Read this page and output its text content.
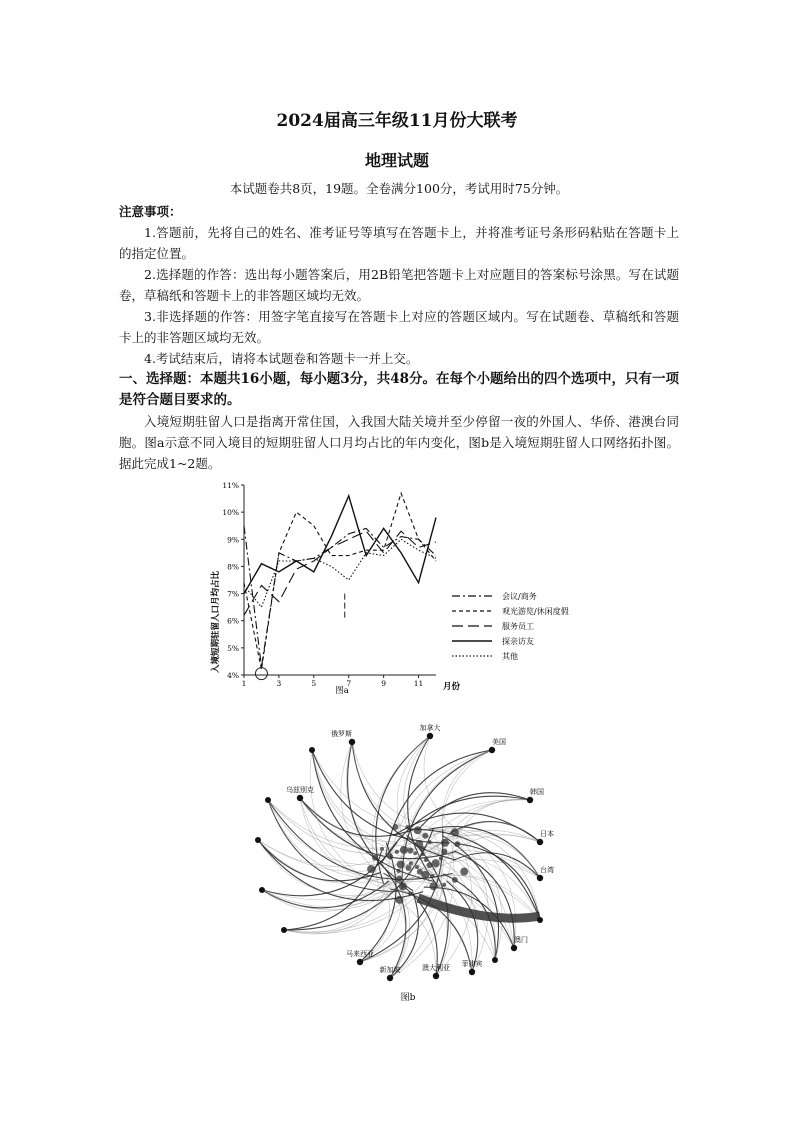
2024届高三年级11月份大联考
地理试题
本试题卷共8页，19题。全卷满分100分，考试用时75分钟。
注意事项：
1.答题前，先将自己的姓名、准考证号等填写在答题卡上，并将准考证号条形码粘贴在答题卡上的指定位置。
2.选择题的作答：选出每小题答案后，用2B铅笔把答题卡上对应题目的答案标号涂黑。写在试题卷，草稿纸和答题卡上的非答题区域均无效。
3.非选择题的作答：用签字笔直接写在答题卡上对应的答题区域内。写在试题卷、草稿纸和答题卡上的非答题区域均无效。
4.考试结束后，请将本试题卷和答题卡一并上交。
一、选择题：本题共16小题，每小题3分，共48分。在每个小题给出的四个选项中，只有一项是符合题目要求的。
入境短期驻留人口是指离开常住国，入我国大陆关境并至少停留一夜的外国人、华侨、港澳台同胞。图a示意不同入境目的短期驻留人口月均占比的年内变化，图b是入境短期驻留人口网络拓扑图。据此完成1~2题。
4%
5%
6%
7%
8%
9%
10%
11%
1	3	5	7	9	11
入境短期驻留人口月均占比
月份
图a
会议/商务
观光游览/休闲度假
服务员工
探亲访友
其他
俄罗斯
加拿大
美国
韩国
日本
台湾
澳门
菲律宾
新加坡	澳大利亚
马来西亚
乌兹别克
图b
